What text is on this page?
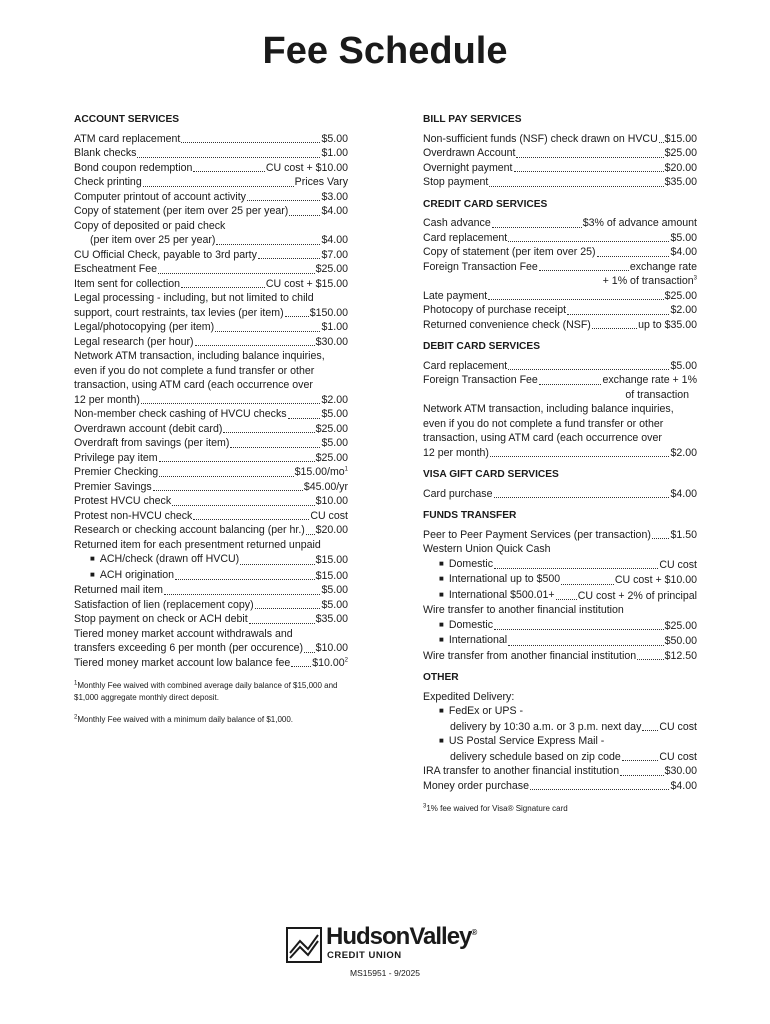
Fee Schedule
ACCOUNT SERVICES
ATM card replacement	$5.00
Blank checks	$1.00
Bond coupon redemption	CU cost + $10.00
Check printing	Prices Vary
Computer printout of account activity	$3.00
Copy of statement (per item over 25 per year)	$4.00
Copy of deposited or paid check
(per item over 25 per year)	$4.00
CU Official Check, payable to 3rd party	$7.00
Escheatment Fee	$25.00
Item sent for collection	CU cost + $15.00
Legal processing - including, but not limited to child
support, court restraints, tax levies (per item) $150.00
Legal/photocopying (per item)	$1.00
Legal research (per hour)	$30.00
Network ATM transaction, including balance inquiries, even if you do not complete a fund transfer or other transaction, using ATM card (each occurrence over
12 per month)	$2.00
Non-member check cashing of HVCU checks	$5.00
Overdrawn account (debit card)	$25.00
Overdraft from savings (per item)	$5.00
Privilege pay item	$25.00
Premier Checking	$\$15.00/mo^1$
Premier Savings	$45.00/yr
Protest HVCU check	$10.00
Protest non-HVCU check	CU cost
Research or checking account balancing (per hr.) $20.00
Returned item for each presentment returned unpaid
■ ACH/check (drawn off HVCU)	$15.00
■ ACH origination	$15.00
Returned mail item	$5.00
Satisfaction of lien (replacement copy)	$5.00
Stop payment on check or ACH debit	$35.00
Tiered money market account withdrawals and
transfers exceeding 6 per month (per occurence) $10.00
Tiered money market account low balance fee $10.00$^2$

$^1$Monthly Fee waived with combined average daily balance of $15,000 and $1,000 aggregate monthly direct deposit.

$^2$Monthly Fee waived with a minimum daily balance of $1,000.

BILL PAY SERVICES
Non-sufficient funds (NSF) check drawn on HVCU $15.00
Overdrawn Account	$25.00
Overnight payment	$20.00
Stop payment	$35.00
CREDIT CARD SERVICES
Cash advance	$3% of advance amount
Card replacement	$5.00
Copy of statement (per item over 25)	$4.00
Foreign Transaction Fee	exchange rate
+ 1% of transaction$^3$
Late payment	$25.00
Photocopy of purchase receipt	$2.00
Returned convenience check (NSF)	up to $35.00
DEBIT CARD SERVICES
Card replacement	$5.00
Foreign Transaction Fee	exchange rate + 1%
of transaction
Network ATM transaction, including balance inquiries, even if you do not complete a fund transfer or other transaction, using ATM card (each occurrence over
12 per month)	$2.00
VISA GIFT CARD SERVICES
Card purchase	$4.00
FUNDS TRANSFER
Peer to Peer Payment Services (per transaction) $1.50
Western Union Quick Cash
■ Domestic	CU cost
■ International up to $500	CU cost + $10.00
■ International $500.01+ CU cost + 2% of principal
Wire transfer to another financial institution
■ Domestic	$25.00
■ International	$50.00
Wire transfer from another financial institution	$12.50
OTHER
Expedited Delivery:
■ FedEx or UPS -
delivery by 10:30 a.m. or 3 p.m. next day CU cost
■ US Postal Service Express Mail -
delivery schedule based on zip code	CU cost
IRA transfer to another financial institution	$30.00
Money order purchase	$4.00

$^3$1% fee waived for Visa® Signature card

HudsonValley®
CREDIT UNION
MS15951 - 9/2025
